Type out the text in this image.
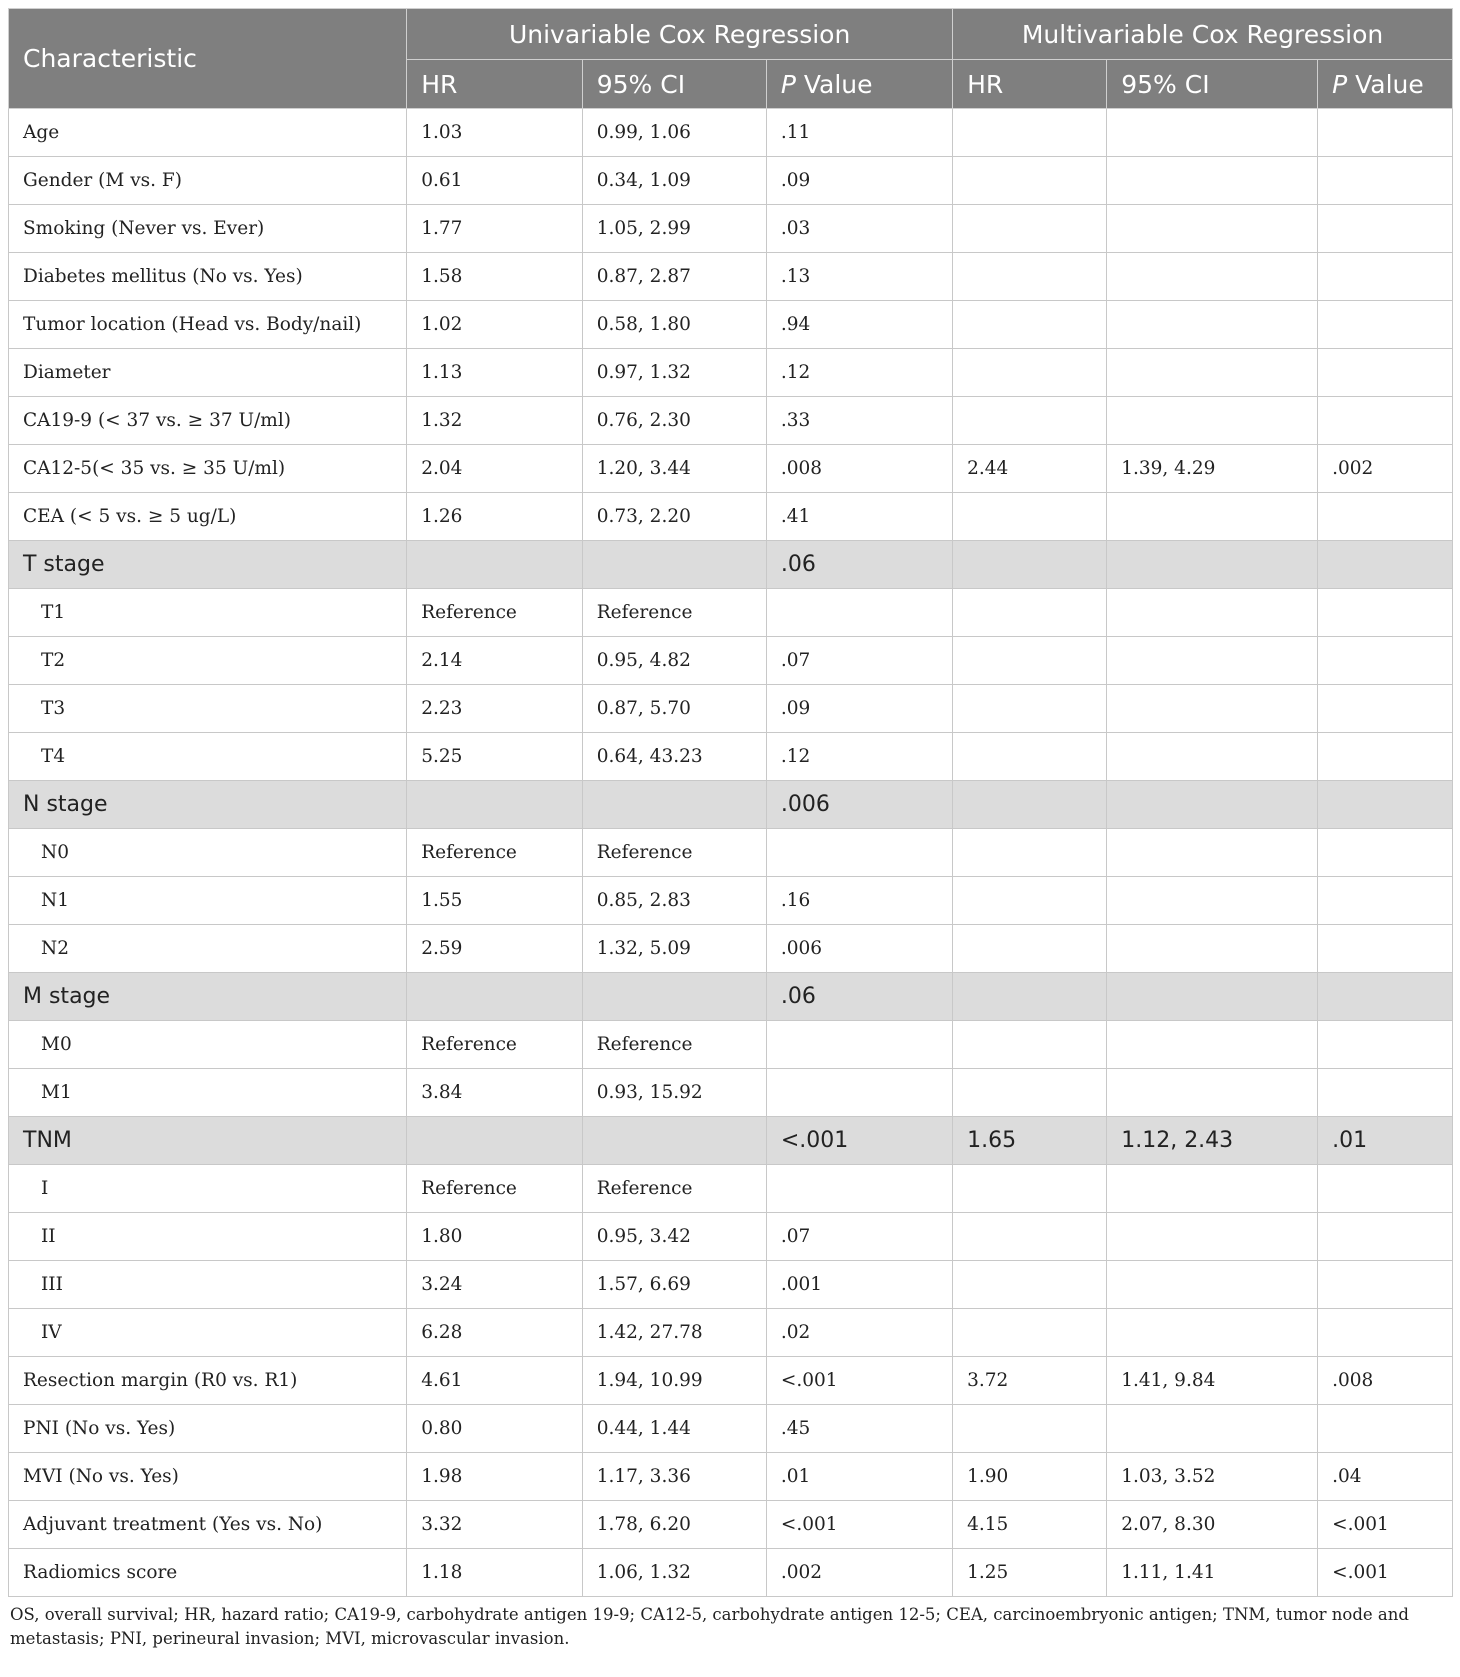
Characteristic	Univariable Cox Regression			Multivariable Cox Regression		
	HR	95% CI	P Value	HR	95% CI	P Value
Age	1.03	0.99, 1.06	.11			
Gender (M vs. F)	0.61	0.34, 1.09	.09			
Smoking (Never vs. Ever)	1.77	1.05, 2.99	.03			
Diabetes mellitus (No vs. Yes)	1.58	0.87, 2.87	.13			
Tumor location (Head vs. Body/nail)	1.02	0.58, 1.80	.94			
Diameter	1.13	0.97, 1.32	.12			
CA19-9 (< 37 vs. ≥ 37 U/ml)	1.32	0.76, 2.30	.33			
CA12-5(< 35 vs. ≥ 35 U/ml)	2.04	1.20, 3.44	.008	2.44	1.39, 4.29	.002
CEA (< 5 vs. ≥ 5 ug/L)	1.26	0.73, 2.20	.41			
T stage			.06			
T1	Reference	Reference				
T2	2.14	0.95, 4.82	.07			
T3	2.23	0.87, 5.70	.09			
T4	5.25	0.64, 43.23	.12			
N stage			.006			
N0	Reference	Reference				
N1	1.55	0.85, 2.83	.16			
N2	2.59	1.32, 5.09	.006			
M stage			.06			
M0	Reference	Reference				
M1	3.84	0.93, 15.92				
TNM			<.001	1.65	1.12, 2.43	.01
I	Reference	Reference				
II	1.80	0.95, 3.42	.07			
III	3.24	1.57, 6.69	.001			
IV	6.28	1.42, 27.78	.02			
Resection margin (R0 vs. R1)	4.61	1.94, 10.99	<.001	3.72	1.41, 9.84	.008
PNI (No vs. Yes)	0.80	0.44, 1.44	.45			
MVI (No vs. Yes)	1.98	1.17, 3.36	.01	1.90	1.03, 3.52	.04
Adjuvant treatment (Yes vs. No)	3.32	1.78, 6.20	<.001	4.15	2.07, 8.30	<.001
Radiomics score	1.18	1.06, 1.32	.002	1.25	1.11, 1.41	<.001
OS, overall survival; HR, hazard ratio; CA19-9, carbohydrate antigen 19-9; CA12-5, carbohydrate antigen 12-5; CEA, carcinoembryonic antigen; TNM, tumor node and metastasis; PNI, perineural invasion; MVI, microvascular invasion.
